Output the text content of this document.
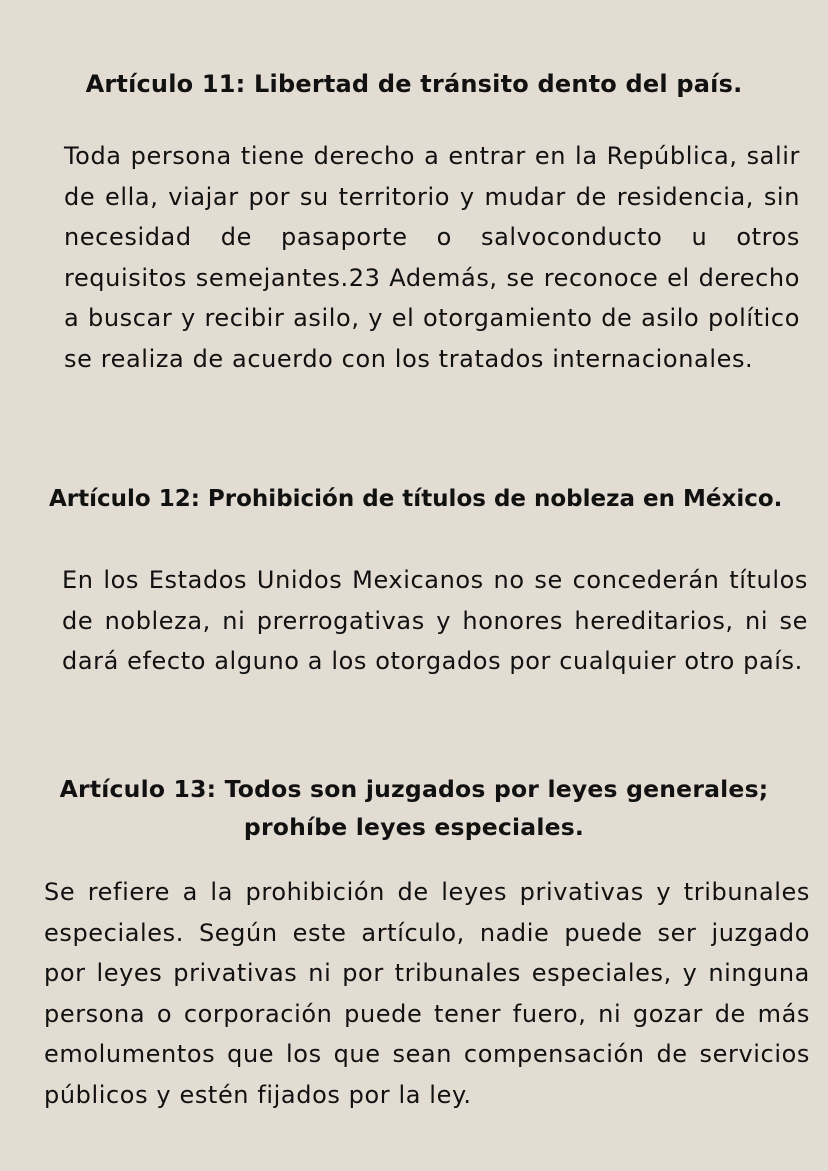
Artículo 11: Libertad de tránsito dento del país.

Toda persona tiene derecho a entrar en la República, salir de ella, viajar por su territorio y mudar de residencia, sin necesidad de pasaporte o salvoconducto u otros requisitos semejantes.23 Además, se reconoce el derecho a buscar y recibir asilo, y el otorgamiento de asilo político se realiza de acuerdo con los tratados internacionales.

Artículo 12: Prohibición de títulos de nobleza en México.

En los Estados Unidos Mexicanos no se concederán títulos de nobleza, ni prerrogativas y honores hereditarios, ni se dará efecto alguno a los otorgados por cualquier otro país.

Artículo 13: Todos son juzgados por leyes generales; prohíbe leyes especiales.

Se refiere a la prohibición de leyes privativas y tribunales especiales. Según este artículo, nadie puede ser juzgado por leyes privativas ni por tribunales especiales, y ninguna persona o corporación puede tener fuero, ni gozar de más emolumentos que los que sean compensación de servicios públicos y estén fijados por la ley.
